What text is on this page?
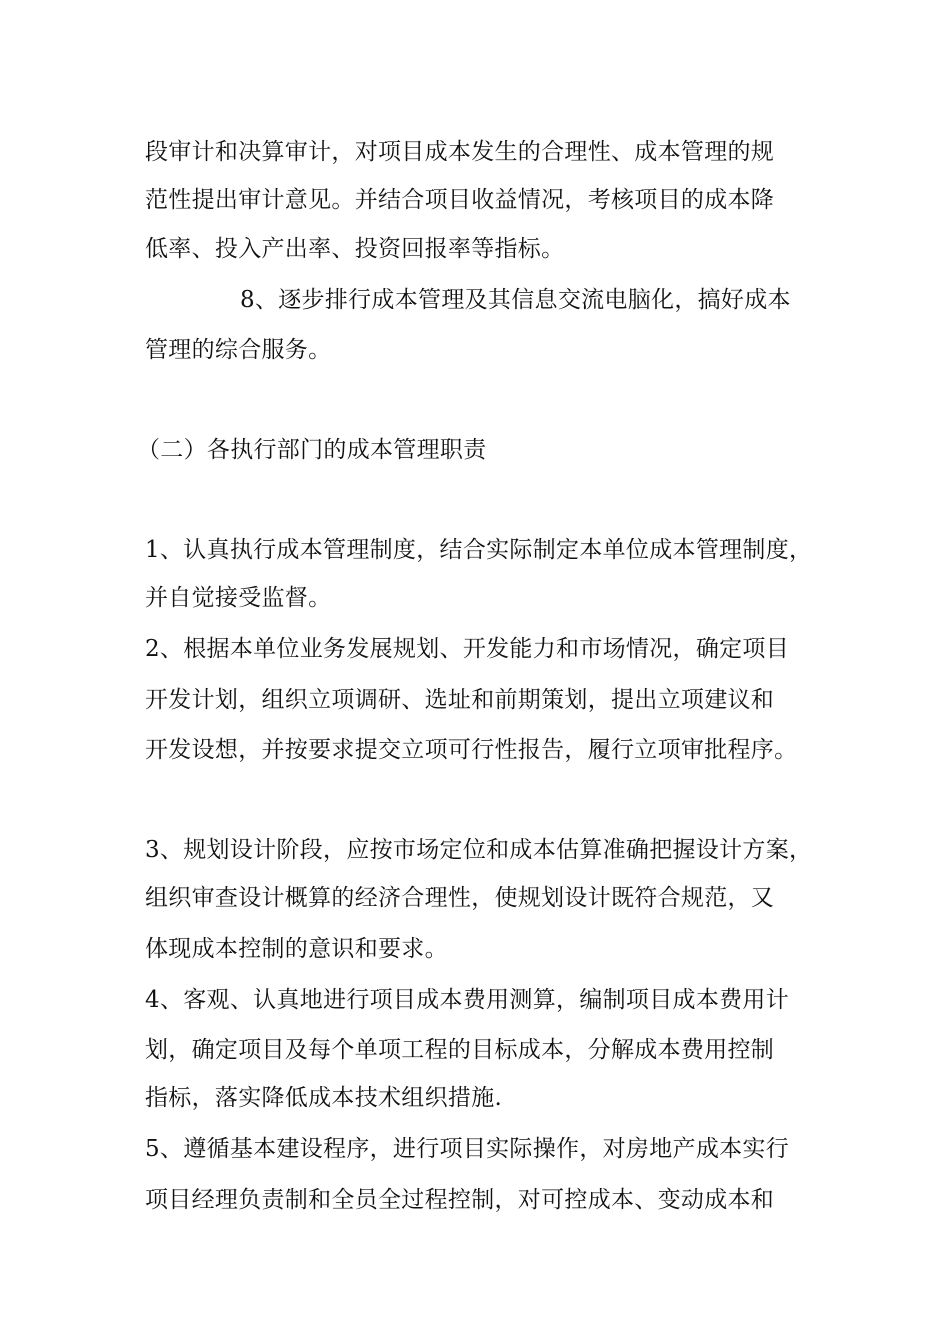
段审计和决算审计，对项目成本发生的合理性、成本管理的规
范性提出审计意见。并结合项目收益情况，考核项目的成本降
低率、投入产出率、投资回报率等指标。
8、逐步排行成本管理及其信息交流电脑化，搞好成本
管理的综合服务。
（二）各执行部门的成本管理职责
1、认真执行成本管理制度，结合实际制定本单位成本管理制度，
并自觉接受监督。
2、根据本单位业务发展规划、开发能力和市场情况，确定项目
开发计划，组织立项调研、选址和前期策划，提出立项建议和
开发设想，并按要求提交立项可行性报告，履行立项审批程序。
3、规划设计阶段，应按市场定位和成本估算准确把握设计方案，
组织审查设计概算的经济合理性，使规划设计既符合规范，又
体现成本控制的意识和要求。
4、客观、认真地进行项目成本费用测算，编制项目成本费用计
划，确定项目及每个单项工程的目标成本，分解成本费用控制
指标，落实降低成本技术组织措施.
5、遵循基本建设程序，进行项目实际操作，对房地产成本实行
项目经理负责制和全员全过程控制，对可控成本、变动成本和
